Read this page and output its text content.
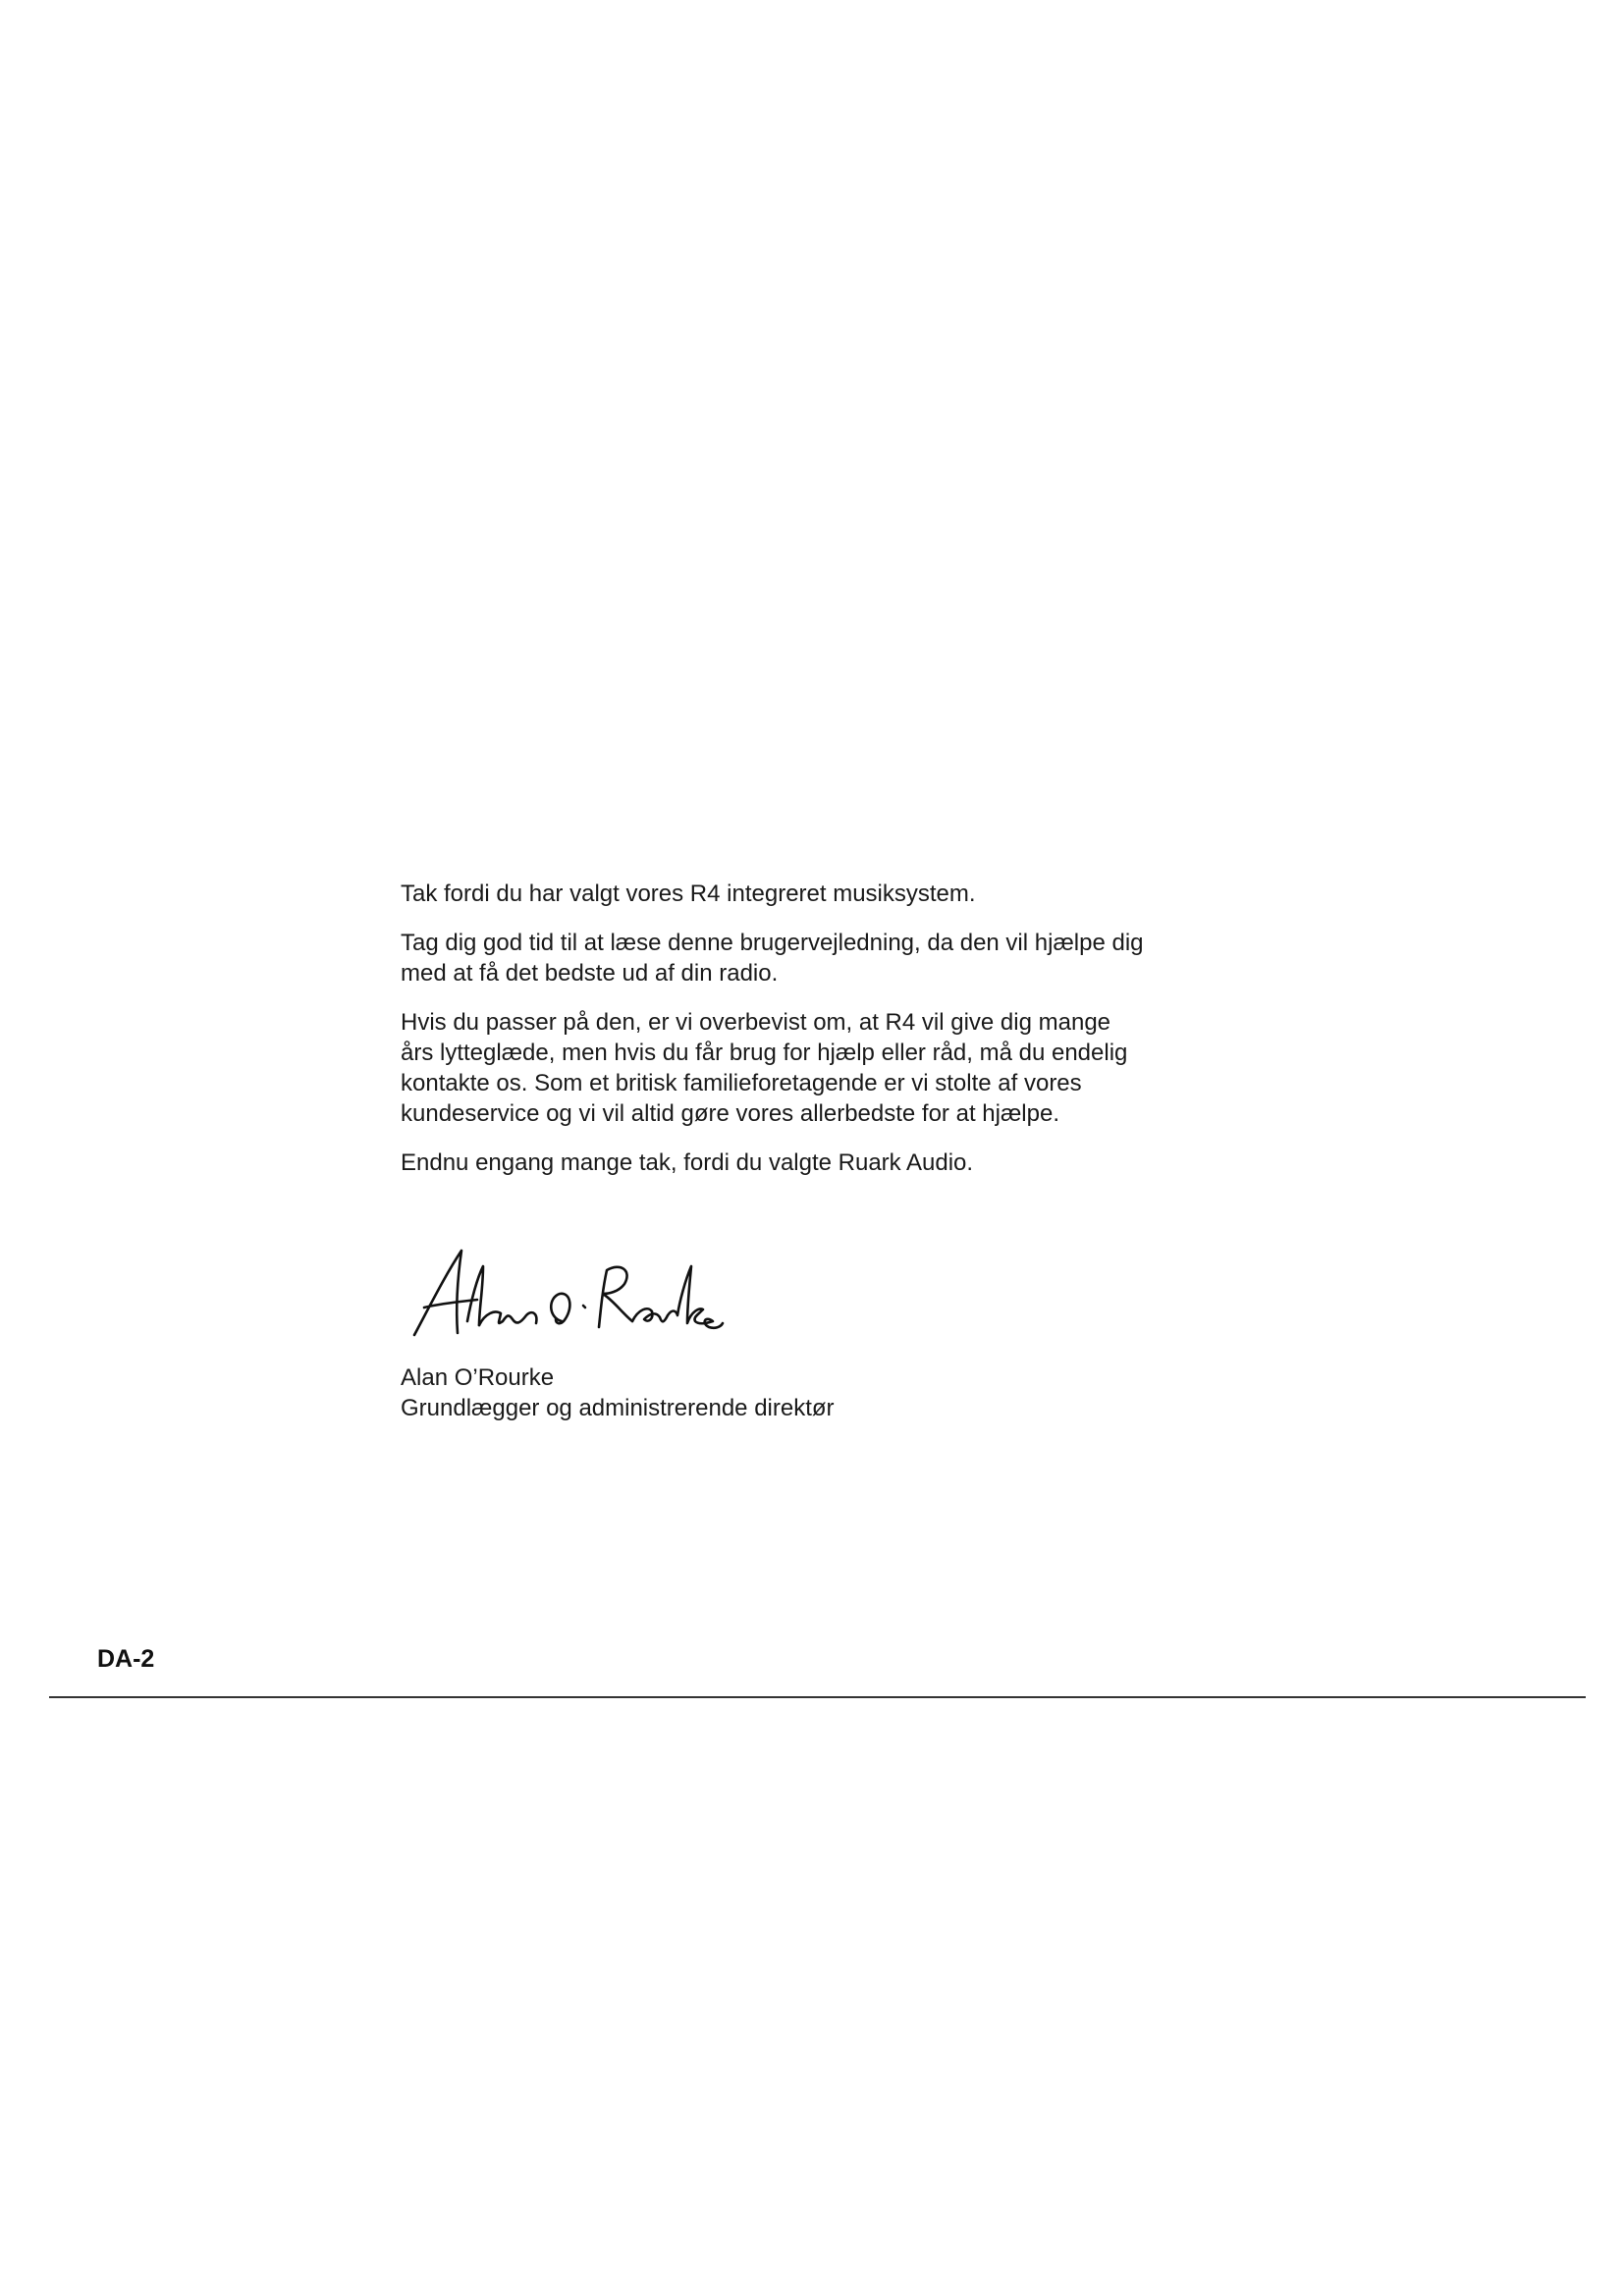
Tak fordi du har valgt vores R4 integreret musiksystem.

Tag dig god tid til at læse denne brugervejledning, da den vil hjælpe dig med at få det bedste ud af din radio.

Hvis du passer på den, er vi overbevist om, at R4 vil give dig mange års lytteglæde, men hvis du får brug for hjælp eller råd, må du endelig kontakte os. Som et britisk familieforetagende er vi stolte af vores kundeservice og vi vil altid gøre vores allerbedste for at hjælpe.

Endnu engang mange tak, fordi du valgte Ruark Audio.

Alan O’Rourke
Grundlægger og administrerende direktør
DA-2
